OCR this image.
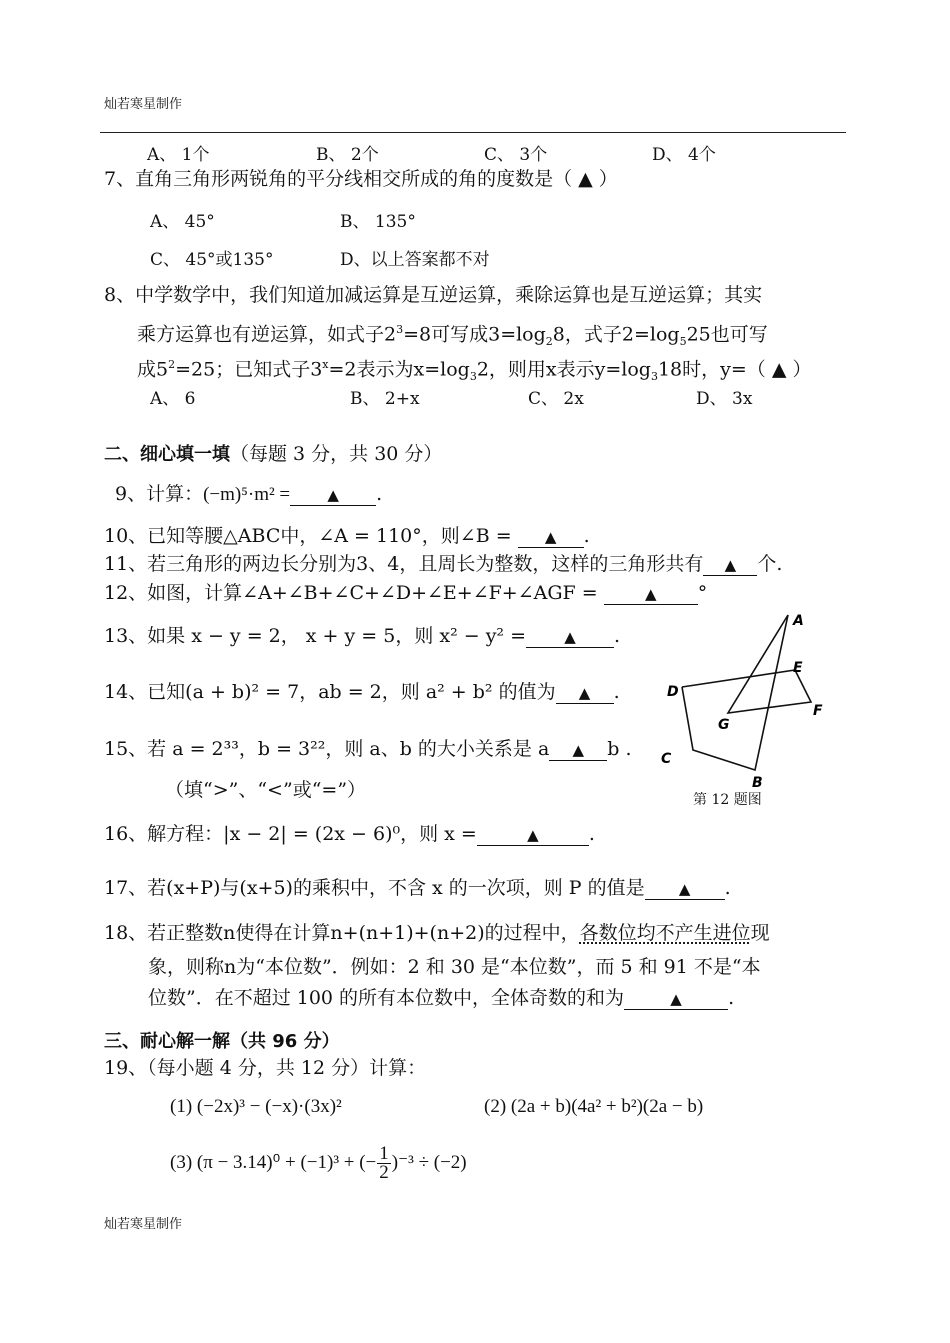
灿若寒星制作
A、 1个	B、 2个	C、 3个	D、 4个
7、直角三角形两锐角的平分线相交所成的角的度数是（ ▲ ）
A、 45°	B、 135°
C、 45°或135°	D、以上答案都不对
8、中学数学中，我们知道加减运算是互逆运算，乘除运算也是互逆运算；其实
乘方运算也有逆运算，如式子$2^3=8$可写成$3=\log_28$，式子$2=\log_525$也可写
成$5^2=25$；已知式子$3^x=2$表示为$x=\log_32$，则用x表示$y=\log_318$时，y=（ ▲ ）
A、 6	B、 2+x	C、 2x	D、 3x
二、细心填一填（每题 3 分，共 30 分）
9、计算：(−m)⁵·m² = ▲ .
10、已知等腰△ABC中，∠A = 110°，则∠B = ▲ .
11、若三角形的两边长分别为3、4，且周长为整数，这样的三角形共有 ▲ 个.
12、如图，计算∠A+∠B+∠C+∠D+∠E+∠F+∠AGF =	▲ °
13、如果 x − y = 2， x + y = 5，则 x² − y² =	▲ .
14、已知(a + b)² = 7，ab = 2，则 a² + b² 的值为 ▲ .
15、若 a = 2³³，b = 3²²，则 a、b 的大小关系是 a ▲ b .
（填“>”、“<”或“=”）
A
B
C
D
E
F
G
第 12 题图
16、解方程：|x − 2| = (2x − 6)⁰，则 x =	▲	.
17、若(x+P)与(x+5)的乘积中，不含 x 的一次项，则 P 的值是 ▲ .
18、若正整数n使得在计算n+(n+1)+(n+2)的过程中，各数位均不产生进位现
象，则称n为“本位数”．例如：2 和 30 是“本位数”，而 5 和 91 不是“本
位数”．在不超过 100 的所有本位数中，全体奇数的和为	▲ .
三、耐心解一解（共 96 分）
19、（每小题 4 分，共 12 分）计算：
(1) (−2x)³ − (−x)·(3x)²	(2) (2a + b)(4a² + b²)(2a − b)
(3) (π − 3.14)⁰ + (−1)³ + (− $\frac{1}{2} )^{-3} \div (-2)$
灿若寒星制作
